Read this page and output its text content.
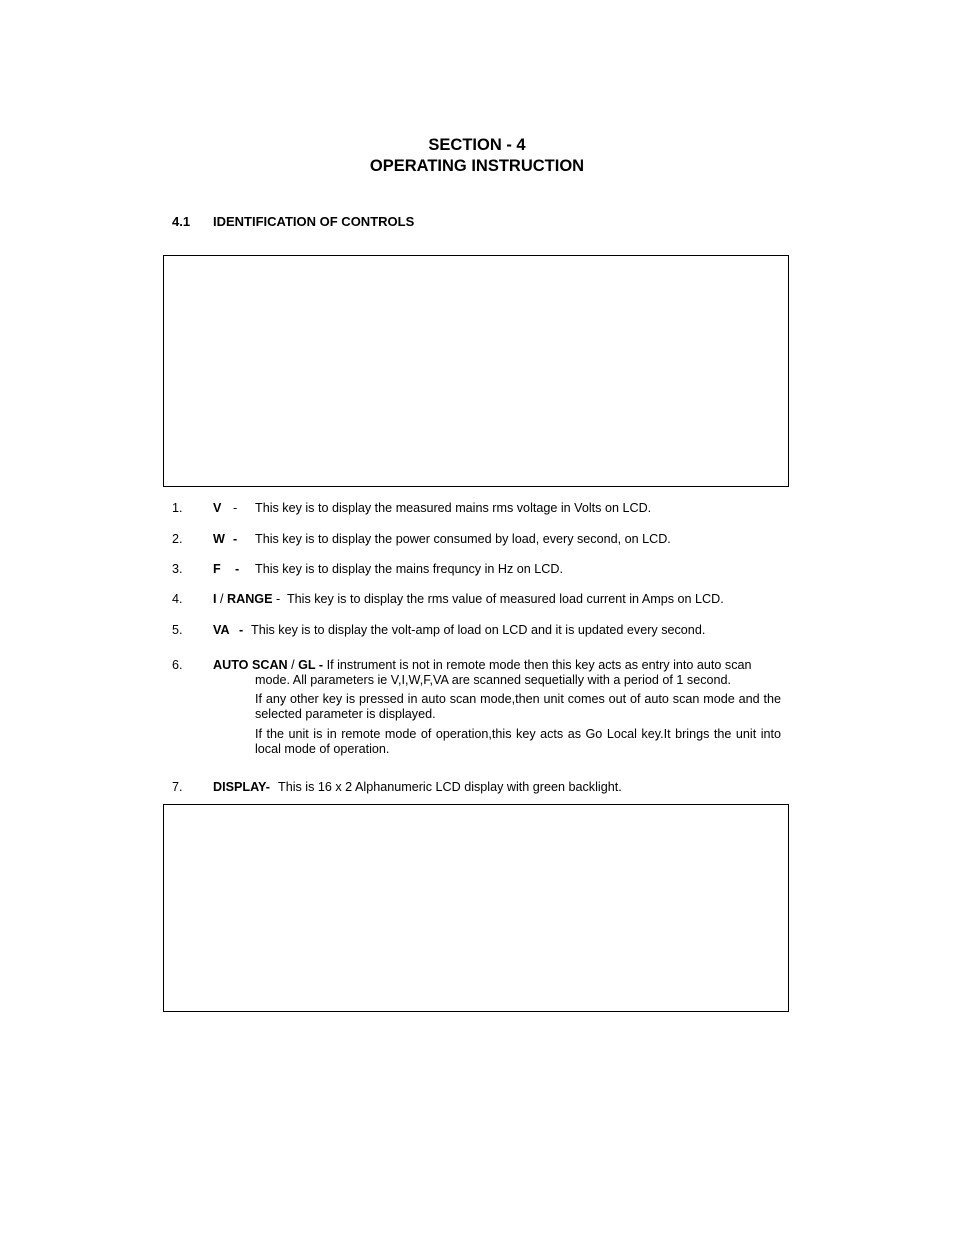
SECTION - 4
OPERATING INSTRUCTION
4.1 IDENTIFICATION OF CONTROLS
1. V - This key is to display the measured mains rms voltage in Volts on LCD.
2. W - This key is to display the power consumed by load, every second, on LCD.
3. F - This key is to display the mains frequncy in Hz on LCD.
4. I / RANGE -  This key is to display the rms value of measured load current in Amps on LCD.
5. VA - This key is to display the volt-amp of load on LCD and it is updated every second.
6. AUTO SCAN / GL - If instrument is not in remote mode then this key acts as entry into auto scan
mode. All parameters ie V,I,W,F,VA are scanned sequetially with a period of 1 second.
If any other key is pressed in auto scan mode,then unit comes out of auto scan mode and the selected parameter is displayed.
If the unit is in remote mode of operation,this key acts as Go Local key.It brings the unit into local mode of operation.
7. DISPLAY- This is 16 x 2 Alphanumeric LCD display with green backlight.
